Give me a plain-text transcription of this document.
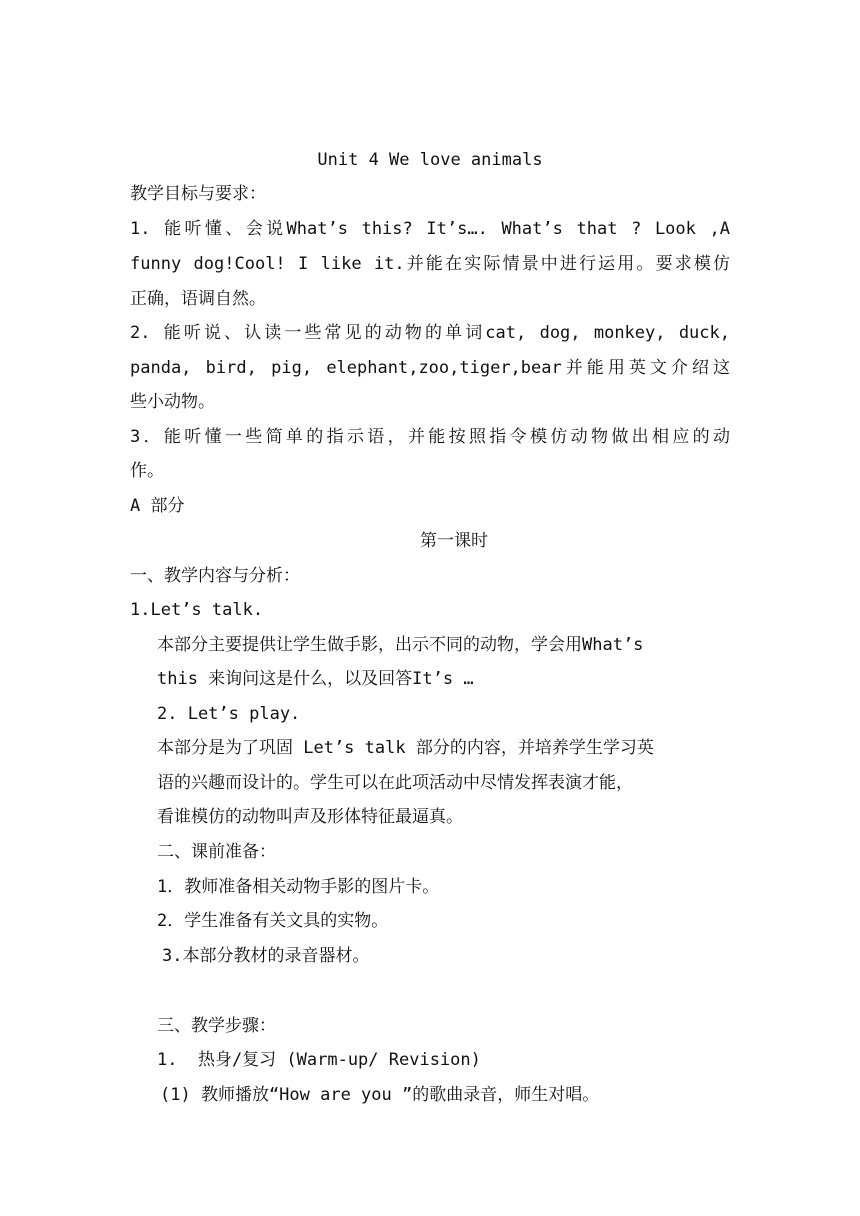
Unit 4 We love animals
教学目标与要求：
1. 能听懂、会说What’s this? It’s…. What’s that ? Look ,A
funny dog!Cool! I like it.并能在实际情景中进行运用。要求模仿
正确，语调自然。
2. 能听说、认读一些常见的动物的单词cat, dog, monkey, duck,
panda, bird, pig, elephant,zoo,tiger,bear并能用英文介绍这
些小动物。
3．能听懂一些简单的指示语，并能按照指令模仿动物做出相应的动
作。
A 部分
第一课时
一、教学内容与分析：
1.Let’s talk.
本部分主要提供让学生做手影，出示不同的动物，学会用What’s
this 来询问这是什么，以及回答It’s …
2. Let’s play.
本部分是为了巩固 Let’s talk 部分的内容，并培养学生学习英
语的兴趣而设计的。学生可以在此项活动中尽情发挥表演才能，
看谁模仿的动物叫声及形体特征最逼真。
二、课前准备：
1．教师准备相关动物手影的图片卡。
2．学生准备有关文具的实物。
3.本部分教材的录音器材。
三、教学步骤：
1.  热身/复习 (Warm-up/ Revision)
(1) 教师播放“How are you ”的歌曲录音，师生对唱。
